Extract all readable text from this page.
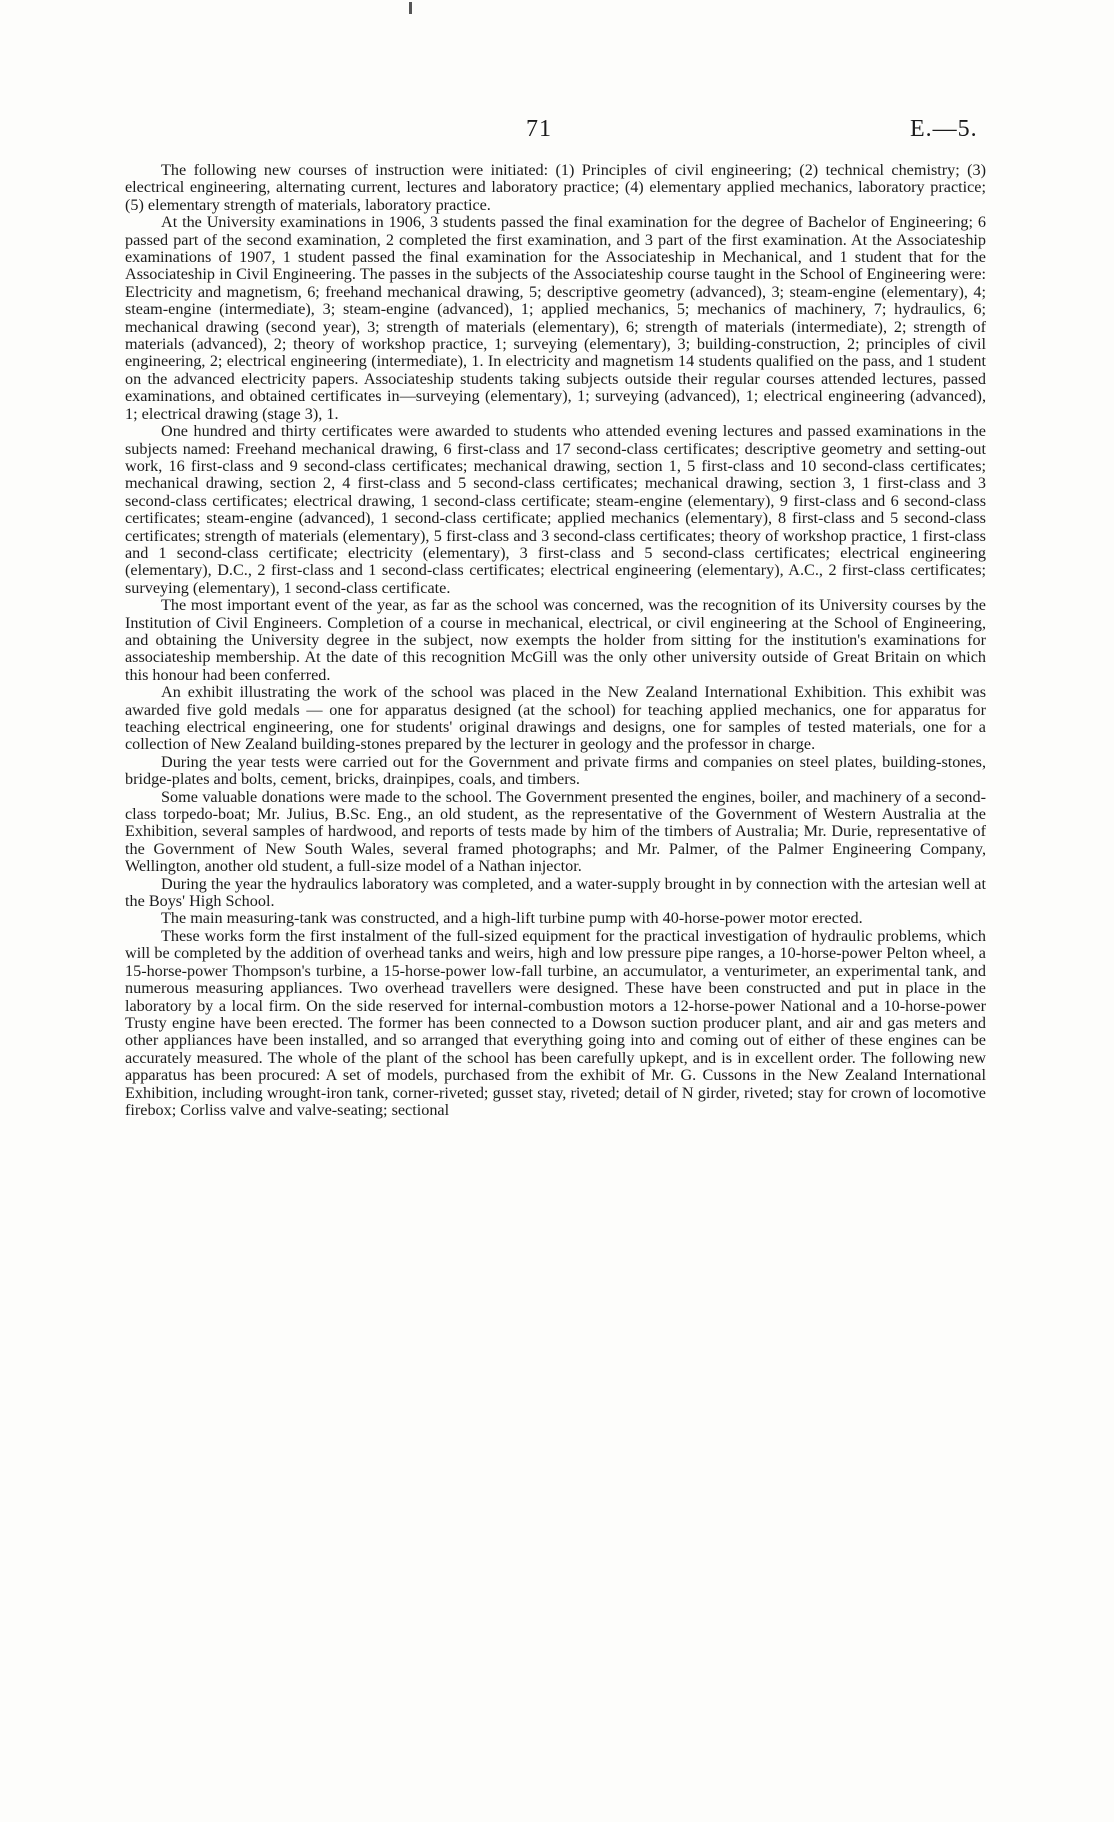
71	E.—5.

The following new courses of instruction were initiated: (1) Principles of civil engineering; (2) technical chemistry; (3) electrical engineering, alternating current, lectures and laboratory practice; (4) elementary applied mechanics, laboratory practice; (5) elementary strength of materials, laboratory practice.

At the University examinations in 1906, 3 students passed the final examination for the degree of Bachelor of Engineering; 6 passed part of the second examination, 2 completed the first examination, and 3 part of the first examination. At the Associateship examinations of 1907, 1 student passed the final examination for the Associateship in Mechanical, and 1 student that for the Associateship in Civil Engineering. The passes in the subjects of the Associateship course taught in the School of Engineering were: Electricity and magnetism, 6; freehand mechanical drawing, 5; descriptive geometry (advanced), 3; steam-engine (elementary), 4; steam-engine (intermediate), 3; steam-engine (advanced), 1; applied mechanics, 5; mechanics of machinery, 7; hydraulics, 6; mechanical drawing (second year), 3; strength of materials (elementary), 6; strength of materials (intermediate), 2; strength of materials (advanced), 2; theory of workshop practice, 1; surveying (elementary), 3; building-construction, 2; principles of civil engineering, 2; electrical engineering (intermediate), 1. In electricity and magnetism 14 students qualified on the pass, and 1 student on the advanced electricity papers. Associateship students taking subjects outside their regular courses attended lectures, passed examinations, and obtained certificates in—surveying (elementary), 1; surveying (advanced), 1; electrical engineering (advanced), 1; electrical drawing (stage 3), 1.

One hundred and thirty certificates were awarded to students who attended evening lectures and passed examinations in the subjects named: Freehand mechanical drawing, 6 first-class and 17 second-class certificates; descriptive geometry and setting-out work, 16 first-class and 9 second-class certificates; mechanical drawing, section 1, 5 first-class and 10 second-class certificates; mechanical drawing, section 2, 4 first-class and 5 second-class certificates; mechanical drawing, section 3, 1 first-class and 3 second-class certificates; electrical drawing, 1 second-class certificate; steam-engine (elementary), 9 first-class and 6 second-class certificates; steam-engine (advanced), 1 second-class certificate; applied mechanics (elementary), 8 first-class and 5 second-class certificates; strength of materials (elementary), 5 first-class and 3 second-class certificates; theory of workshop practice, 1 first-class and 1 second-class certificate; electricity (elementary), 3 first-class and 5 second-class certificates; electrical engineering (elementary), D.C., 2 first-class and 1 second-class certificates; electrical engineering (elementary), A.C., 2 first-class certificates; surveying (elementary), 1 second-class certificate.

The most important event of the year, as far as the school was concerned, was the recognition of its University courses by the Institution of Civil Engineers. Completion of a course in mechanical, electrical, or civil engineering at the School of Engineering, and obtaining the University degree in the subject, now exempts the holder from sitting for the institution's examinations for associateship membership. At the date of this recognition McGill was the only other university outside of Great Britain on which this honour had been conferred.

An exhibit illustrating the work of the school was placed in the New Zealand International Exhibition. This exhibit was awarded five gold medals — one for apparatus designed (at the school) for teaching applied mechanics, one for apparatus for teaching electrical engineering, one for students' original drawings and designs, one for samples of tested materials, one for a collection of New Zealand building-stones prepared by the lecturer in geology and the professor in charge.

During the year tests were carried out for the Government and private firms and companies on steel plates, building-stones, bridge-plates and bolts, cement, bricks, drainpipes, coals, and timbers.

Some valuable donations were made to the school. The Government presented the engines, boiler, and machinery of a second-class torpedo-boat; Mr. Julius, B.Sc. Eng., an old student, as the representative of the Government of Western Australia at the Exhibition, several samples of hardwood, and reports of tests made by him of the timbers of Australia; Mr. Durie, representative of the Government of New South Wales, several framed photographs; and Mr. Palmer, of the Palmer Engineering Company, Wellington, another old student, a full-size model of a Nathan injector.

During the year the hydraulics laboratory was completed, and a water-supply brought in by connection with the artesian well at the Boys' High School.

The main measuring-tank was constructed, and a high-lift turbine pump with 40-horse-power motor erected.

These works form the first instalment of the full-sized equipment for the practical investigation of hydraulic problems, which will be completed by the addition of overhead tanks and weirs, high and low pressure pipe ranges, a 10-horse-power Pelton wheel, a 15-horse-power Thompson's turbine, a 15-horse-power low-fall turbine, an accumulator, a venturimeter, an experimental tank, and numerous measuring appliances. Two overhead travellers were designed. These have been constructed and put in place in the laboratory by a local firm. On the side reserved for internal-combustion motors a 12-horse-power National and a 10-horse-power Trusty engine have been erected. The former has been connected to a Dowson suction producer plant, and air and gas meters and other appliances have been installed, and so arranged that everything going into and coming out of either of these engines can be accurately measured. The whole of the plant of the school has been carefully upkept, and is in excellent order. The following new apparatus has been procured: A set of models, purchased from the exhibit of Mr. G. Cussons in the New Zealand International Exhibition, including wrought-iron tank, corner-riveted; gusset stay, riveted; detail of N girder, riveted; stay for crown of locomotive firebox; Corliss valve and valve-seating; sectional
